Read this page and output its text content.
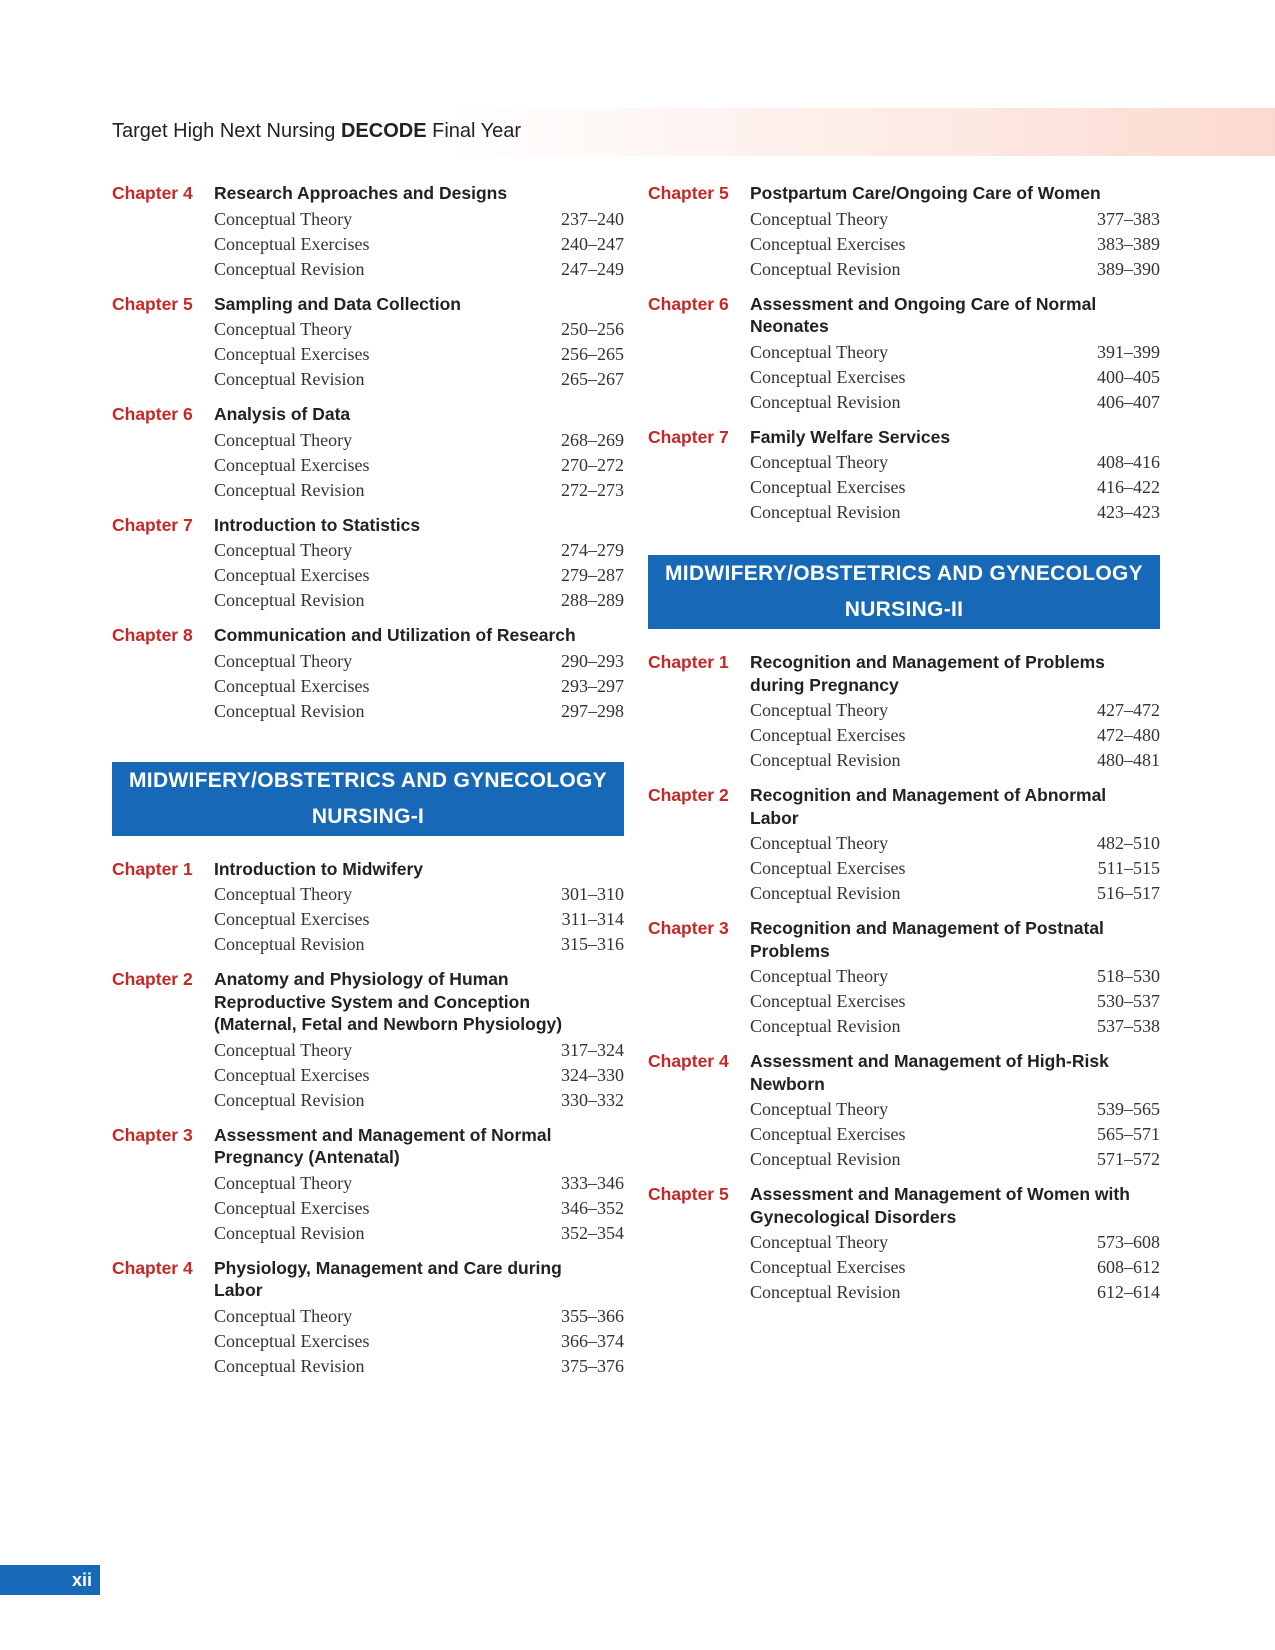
Target High Next Nursing DECODE Final Year
Chapter 4	Research Approaches and Designs
Conceptual Theory	237–240
Conceptual Exercises	240–247
Conceptual Revision	247–249
Chapter 5	Sampling and Data Collection
Conceptual Theory	250–256
Conceptual Exercises	256–265
Conceptual Revision	265–267
Chapter 6	Analysis of Data
Conceptual Theory	268–269
Conceptual Exercises	270–272
Conceptual Revision	272–273
Chapter 7	Introduction to Statistics
Conceptual Theory	274–279
Conceptual Exercises	279–287
Conceptual Revision	288–289
Chapter 8	Communication and Utilization of Research
Conceptual Theory	290–293
Conceptual Exercises	293–297
Conceptual Revision	297–298
MIDWIFERY/OBSTETRICS AND GYNECOLOGY
NURSING-I
Chapter 1	Introduction to Midwifery
Conceptual Theory	301–310
Conceptual Exercises	311–314
Conceptual Revision	315–316
Chapter 2	Anatomy and Physiology of Human Reproductive System and Conception (Maternal, Fetal and Newborn Physiology)
Conceptual Theory	317–324
Conceptual Exercises	324–330
Conceptual Revision	330–332
Chapter 3	Assessment and Management of Normal Pregnancy (Antenatal)
Conceptual Theory	333–346
Conceptual Exercises	346–352
Conceptual Revision	352–354
Chapter 4	Physiology, Management and Care during Labor
Conceptual Theory	355–366
Conceptual Exercises	366–374
Conceptual Revision	375–376
Chapter 5	Postpartum Care/Ongoing Care of Women
Conceptual Theory	377–383
Conceptual Exercises	383–389
Conceptual Revision	389–390
Chapter 6	Assessment and Ongoing Care of Normal Neonates
Conceptual Theory	391–399
Conceptual Exercises	400–405
Conceptual Revision	406–407
Chapter 7	Family Welfare Services
Conceptual Theory	408–416
Conceptual Exercises	416–422
Conceptual Revision	423–423
MIDWIFERY/OBSTETRICS AND GYNECOLOGY
NURSING-II
Chapter 1	Recognition and Management of Problems during Pregnancy
Conceptual Theory	427–472
Conceptual Exercises	472–480
Conceptual Revision	480–481
Chapter 2	Recognition and Management of Abnormal Labor
Conceptual Theory	482–510
Conceptual Exercises	511–515
Conceptual Revision	516–517
Chapter 3	Recognition and Management of Postnatal Problems
Conceptual Theory	518–530
Conceptual Exercises	530–537
Conceptual Revision	537–538
Chapter 4	Assessment and Management of High-Risk Newborn
Conceptual Theory	539–565
Conceptual Exercises	565–571
Conceptual Revision	571–572
Chapter 5	Assessment and Management of Women with Gynecological Disorders
Conceptual Theory	573–608
Conceptual Exercises	608–612
Conceptual Revision	612–614
xii
